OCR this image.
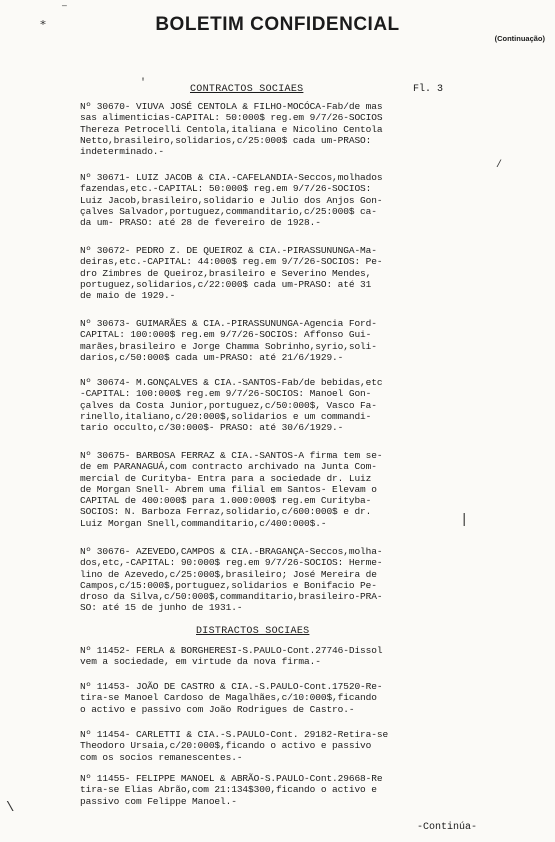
BOLETIM CONFIDENCIAL
(Continuação)
CONTRACTOS SOCIAES	Fl. 3
Nº 30670- VIUVA JOSÉ CENTOLA & FILHO-MOCÓCA-Fab/de mas
sas alimenticias-CAPITAL: 50:000$ reg.em 9/7/26-SOCIOS
Thereza Petrocelli Centola,italiana e Nicolino Centola
Netto,brasileiro,solidarios,c/25:000$ cada um-PRASO:
indeterminado.-
Nº 30671- LUIZ JACOB & CIA.-CAFELANDIA-Seccos,molhados
fazendas,etc.-CAPITAL: 50:000$ reg.em 9/7/26-SOCIOS:
Luiz Jacob,brasileiro,solidario e Julio dos Anjos Gon-
çalves Salvador,portuguez,commanditario,c/25:000$ ca-
da um- PRASO: até 28 de fevereiro de 1928.-
Nº 30672- PEDRO Z. DE QUEIROZ & CIA.-PIRASSUNUNGA-Ma-
deiras,etc.-CAPITAL: 44:000$ reg.em 9/7/26-SOCIOS: Pe-
dro Zimbres de Queiroz,brasileiro e Severino Mendes,
portuguez,solidarios,c/22:000$ cada um-PRASO: até 31
de maio de 1929.-
Nº 30673- GUIMARÃES & CIA.-PIRASSUNUNGA-Agencia Ford-
CAPITAL: 100:000$ reg.em 9/7/26-SOCIOS: Affonso Gui-
marães,brasileiro e Jorge Chamma Sobrinho,syrio,soli-
darios,c/50:000$ cada um-PRASO: até 21/6/1929.-
Nº 30674- M.GONÇALVES & CIA.-SANTOS-Fab/de bebidas,etc
-CAPITAL: 100:000$ reg.em 9/7/26-SOCIOS: Manoel Gon-
çalves da Costa Junior,portuguez,c/50:000$, Vasco Fa-
rinello,italiano,c/20:000$,solidarios e um commandi-
tario occulto,c/30:000$- PRASO: até 30/6/1929.-
Nº 30675- BARBOSA FERRAZ & CIA.-SANTOS-A firma tem se-
de em PARANAGUÁ,com contracto archivado na Junta Com-
mercial de Curityba- Entra para a sociedade dr. Luiz
de Morgan Snell- Abrem uma filial em Santos- Elevam o
CAPITAL de 400:000$ para 1.000:000$ reg.em Curityba-
SOCIOS: N. Barboza Ferraz,solidario,c/600:000$ e dr.
Luiz Morgan Snell,commanditario,c/400:000$.-
Nº 30676- AZEVEDO,CAMPOS & CIA.-BRAGANÇA-Seccos,molha-
dos,etc,-CAPITAL: 90:000$ reg.em 9/7/26-SOCIOS: Herme-
lino de Azevedo,c/25:000$,brasileiro; José Mereira de
Campos,c/15:000$,portuguez,solidarios e Bonifacio Pe-
droso da Silva,c/50:000$,commanditario,brasileiro-PRA-
SO: até 15 de junho de 1931.-
DISTRACTOS SOCIAES
Nº 11452- FERLA & BORGHERESI-S.PAULO-Cont.27746-Dissol
vem a sociedade, em virtude da nova firma.-
Nº 11453- JOÃO DE CASTRO & CIA.-S.PAULO-Cont.17520-Re-
tira-se Manoel Cardoso de Magalhães,c/10:000$,ficando
o activo e passivo com João Rodrigues de Castro.-
Nº 11454- CARLETTI & CIA.-S.PAULO-Cont. 29182-Retira-se
Theodoro Ursaia,c/20:000$,ficando o activo e passivo
com os socios remanescentes.-
Nº 11455- FELIPPE MANOEL & ABRÃO-S.PAULO-Cont.29668-Re
tira-se Elias Abrão,com 21:134$300,ficando o activo e
passivo com Felippe Manoel.-
-Continúa-
—
⁎
'
/
\
|
